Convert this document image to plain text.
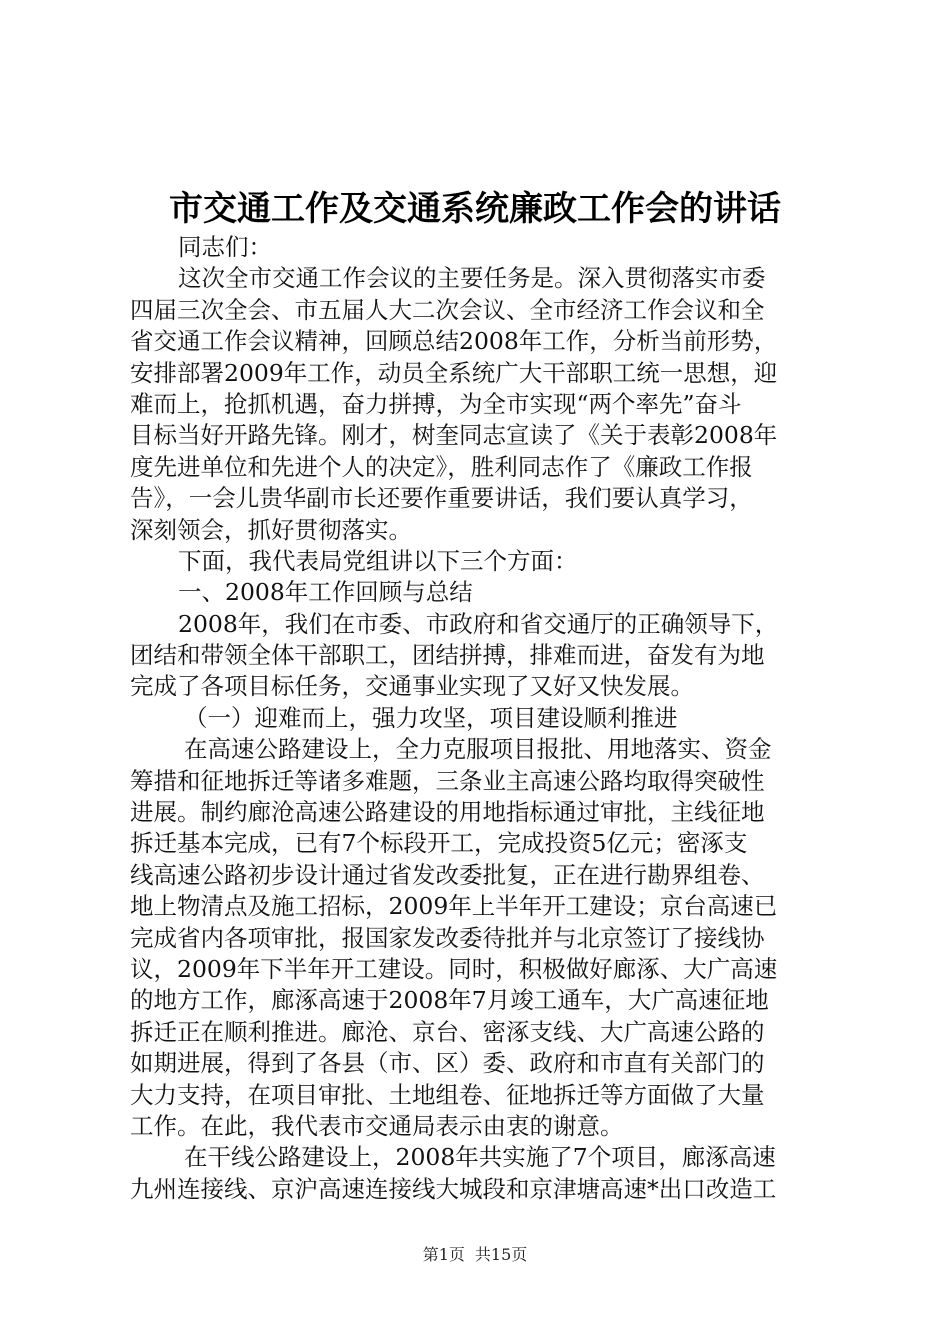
市交通工作及交通系统廉政工作会的讲话
同志们：
这次全市交通工作会议的主要任务是。深入贯彻落实市委
四届三次全会、市五届人大二次会议、全市经济工作会议和全
省交通工作会议精神，回顾总结2008年工作，分析当前形势，
安排部署2009年工作，动员全系统广大干部职工统一思想，迎
难而上，抢抓机遇，奋力拼搏，为全市实现“两个率先”奋斗
目标当好开路先锋。刚才，树奎同志宣读了《关于表彰2008年
度先进单位和先进个人的决定》，胜利同志作了《廉政工作报
告》，一会儿贵华副市长还要作重要讲话，我们要认真学习，
深刻领会，抓好贯彻落实。
下面，我代表局党组讲以下三个方面：
一、2008年工作回顾与总结
2008年，我们在市委、市政府和省交通厅的正确领导下，
团结和带领全体干部职工，团结拼搏，排难而进，奋发有为地
完成了各项目标任务，交通事业实现了又好又快发展。
（一）迎难而上，强力攻坚，项目建设顺利推进
在高速公路建设上，全力克服项目报批、用地落实、资金
筹措和征地拆迁等诸多难题，三条业主高速公路均取得突破性
进展。制约廊沧高速公路建设的用地指标通过审批，主线征地
拆迁基本完成，已有7个标段开工，完成投资5亿元；密涿支
线高速公路初步设计通过省发改委批复，正在进行勘界组卷、
地上物清点及施工招标，2009年上半年开工建设；京台高速已
完成省内各项审批，报国家发改委待批并与北京签订了接线协
议，2009年下半年开工建设。同时，积极做好廊涿、大广高速
的地方工作，廊涿高速于2008年7月竣工通车，大广高速征地
拆迁正在顺利推进。廊沧、京台、密涿支线、大广高速公路的
如期进展，得到了各县（市、区）委、政府和市直有关部门的
大力支持，在项目审批、土地组卷、征地拆迁等方面做了大量
工作。在此，我代表市交通局表示由衷的谢意。
在干线公路建设上，2008年共实施了7个项目，廊涿高速
九州连接线、京沪高速连接线大城段和京津塘高速*出口改造工
第1页 共15页
